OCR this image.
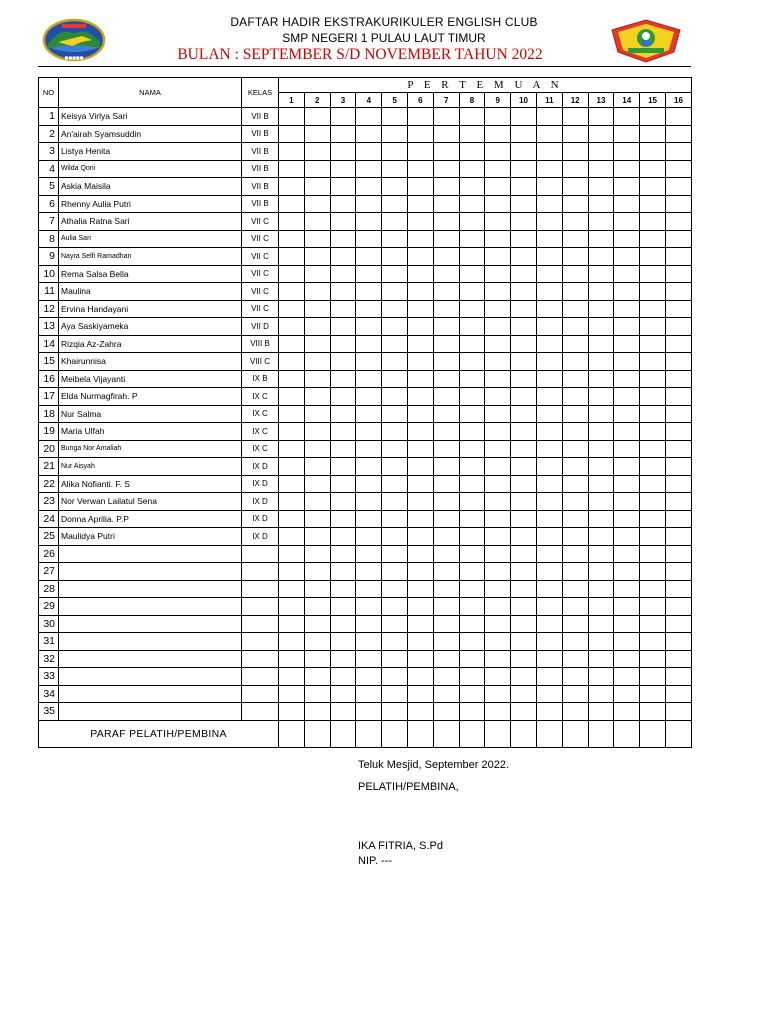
■■■■■
DAFTAR HADIR EKSTRAKURIKULER ENGLISH CLUB
SMP NEGERI 1 PULAU LAUT TIMUR
BULAN : SEPTEMBER S/D NOVEMBER TAHUN 2022
NO	NAMA	KELAS	P E R T E M U A N															
			1	2	3	4	5	6	7	8	9	10	11	12	13	14	15	16
1	Keisya Virlya Sari	VII B																
2	An'airah Syamsuddin	VII B																
3	Listya Henita	VII B																
4	Wilda Qoni	VII B																
5	Askia Maisila	VII B																
6	Rhenny Aulia Putri	VII B																
7	Athalia Ratna Sari	VII C																
8	Aulia Sari	VII C																
9	Nayra Selfi Ramadhan	VII C																
10	Rema Salsa Bella	VII C																
11	Maulina	VII C																
12	Ervina Handayani	VII C																
13	Aya Saskiyameka	VII D																
14	Rizqia Az-Zahra	VIII B																
15	Khairunnisa	VIII C																
16	Meibela Vijayanti	IX B																
17	Elda Nurmagfirah. P	IX C																
18	Nur Salma	IX C																
19	Maria Ulfah	IX C																
20	Bunga Nor Amaliah	IX C																
21	Nur Aisyah	IX D																
22	Alika Nofianti. F. S	IX D																
23	Nor Verwan Lailatul Sena	IX D																
24	Donna Aprilia. P.P	IX D																
25	Maulidya Putri	IX D																
26																		
27																		
28																		
29																		
30																		
31																		
32																		
33																		
34																		
35																		
PARAF PELATIH/PEMBINA																		
Teluk Mesjid, September 2022.
PELATIH/PEMBINA,
IKA FITRIA, S.Pd
NIP. ---
